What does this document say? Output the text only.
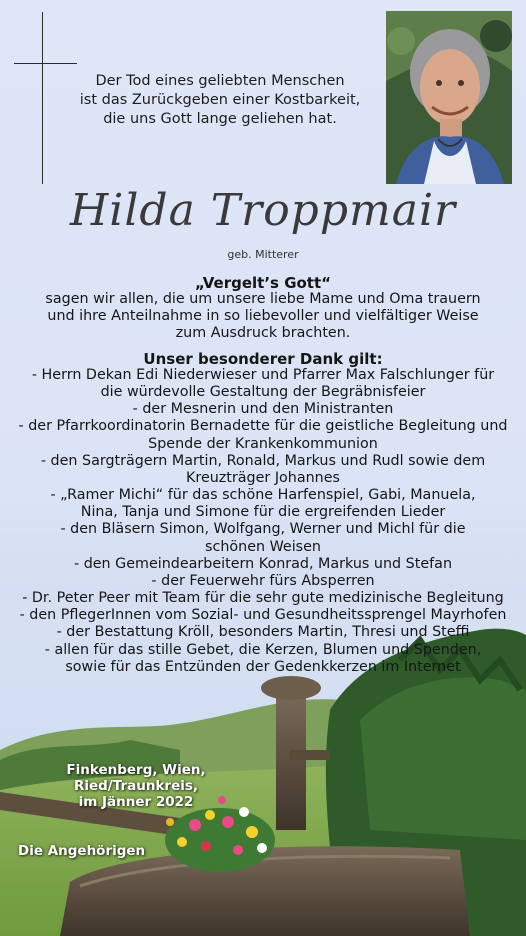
Der Tod eines geliebten Menschen
ist das Zurückgeben einer Kostbarkeit,
die uns Gott lange geliehen hat.
Hilda Troppmair
geb. Mitterer
„Vergelt’s Gott“
sagen wir allen, die um unsere liebe Mame und Oma trauern
und ihre Anteilnahme in so liebevoller und vielfältiger Weise
zum Ausdruck brachten.
Unser besonderer Dank gilt:
- Herrn Dekan Edi Niederwieser und Pfarrer Max Falschlunger für
die würdevolle Gestaltung der Begräbnisfeier
- der Mesnerin und den Ministranten
- der Pfarrkoordinatorin Bernadette für die geistliche Begleitung und
Spende der Krankenkommunion
- den Sargträgern Martin, Ronald, Markus und Rudl sowie dem
Kreuzträger Johannes
- „Ramer Michi“ für das schöne Harfenspiel, Gabi, Manuela,
Nina, Tanja und Simone für die ergreifenden Lieder
- den Bläsern Simon, Wolfgang, Werner und Michl für die
schönen Weisen
- den Gemeindearbeitern Konrad, Markus und Stefan
- der Feuerwehr fürs Absperren
- Dr. Peter Peer mit Team für die sehr gute medizinische Begleitung
- den PflegerInnen vom Sozial- und Gesundheitssprengel Mayrhofen
- der Bestattung Kröll, besonders Martin, Thresi und Steffi
- allen für das stille Gebet, die Kerzen, Blumen und Spenden,
sowie für das Entzünden der Gedenkkerzen im Internet
Finkenberg, Wien, Ried/Traunkreis,
im Jänner 2022
Die Angehörigen
